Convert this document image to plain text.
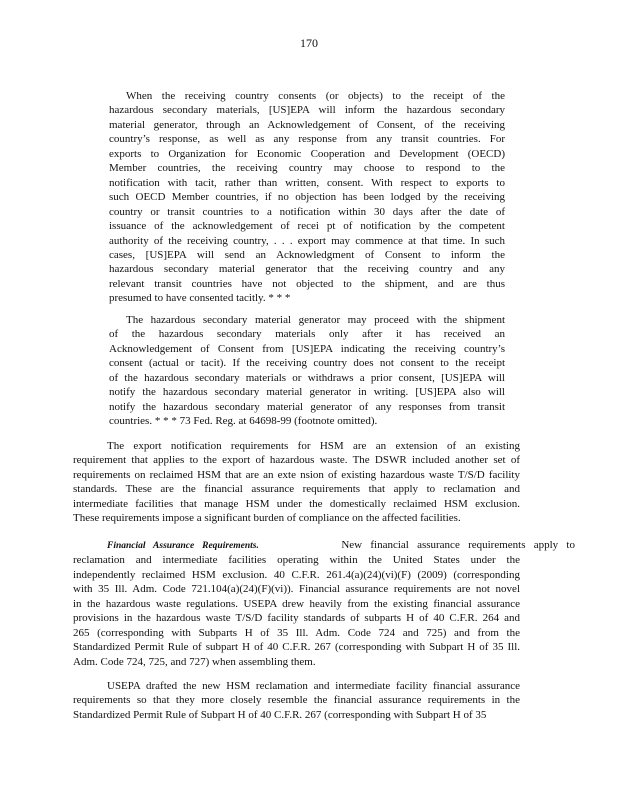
170
When the receiving country consents (or objects) to the receipt of the
hazardous secondary materials, [US]EPA will inform the hazardous secondary
material generator, through an Acknowledgement of Consent, of the receiving
country’s response, as well as any response from any transit countries. For
exports to Organization for Economic Cooperation and Development (OECD)
Member countries, the receiving country may choose to respond to the
notification with tacit, rather than written, consent. With respect to exports to
such OECD Member countries, if no objection has been lodged by the receiving
country or transit countries to a notification within 30 days after the date of
issuance of the acknowledgement of recei pt of notification by the competent
authority of the receiving country, . . . export may commence at that time. In such
cases, [US]EPA will send an Acknowledgment of Consent to inform the
hazardous secondary material generator that the receiving country and any
relevant transit countries have not objected to the shipment, and are thus
presumed to have consented tacitly. * * *
The hazardous secondary material generator may proceed with the shipment
of the hazardous secondary materials only after it has received an
Acknowledgement of Consent from [US]EPA indicating the receiving country’s
consent (actual or tacit). If the receiving country does not consent to the receipt
of the hazardous secondary materials or withdraws a prior consent, [US]EPA will
notify the hazardous secondary material generator in writing. [US]EPA also will
notify the hazardous secondary material generator of any responses from transit
countries. * * * 73 Fed. Reg. at 64698-99 (footnote omitted).
The export notification requirements for HSM are an extension of an existing
requirement that applies to the export of hazardous waste. The DSWR included another set of
requirements on reclaimed HSM that are an exte nsion of existing hazardous waste T/S/D facility
standards. These are the financial assurance requirements that apply to reclamation and
intermediate facilities that manage HSM under the domestically reclaimed HSM exclusion.
These requirements impose a significant burden of compliance on the affected facilities.
Financial Assurance Requirements.	New financial assurance requirements apply to
reclamation and intermediate facilities operating within the United States under the
independently reclaimed HSM exclusion. 40 C.F.R. 261.4(a)(24)(vi)(F) (2009) (corresponding
with 35 Ill. Adm. Code 721.104(a)(24)(F)(vi)). Financial assurance requirements are not novel
in the hazardous waste regulations. USEPA drew heavily from the existing financial assurance
provisions in the hazardous waste T/S/D facility standards of subparts H of 40 C.F.R. 264 and
265 (corresponding with Subparts H of 35 Ill. Adm. Code 724 and 725) and from the
Standardized Permit Rule of subpart H of 40 C.F.R. 267 (corresponding with Subpart H of 35 Ill.
Adm. Code 724, 725, and 727) when assembling them.
USEPA drafted the new HSM reclamation and intermediate facility financial assurance
requirements so that they more closely resemble the financial assurance requirements in the
Standardized Permit Rule of Subpart H of 40 C.F.R. 267 (corresponding with Subpart H of 35
